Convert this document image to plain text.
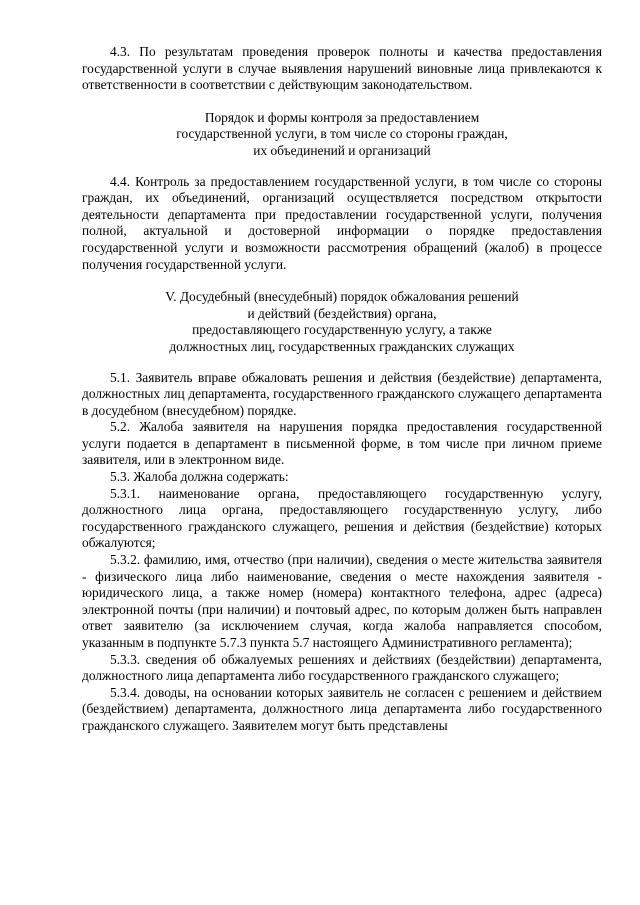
4.3. По результатам проведения проверок полноты и качества предоставления государственной услуги в случае выявления нарушений виновные лица привлекаются к ответственности в соответствии с действующим законодательством.

Порядок и формы контроля за предоставлением
государственной услуги, в том числе со стороны граждан,
их объединений и организаций

4.4. Контроль за предоставлением государственной услуги, в том числе со стороны граждан, их объединений, организаций осуществляется посредством открытости деятельности департамента при предоставлении государственной услуги, получения полной, актуальной и достоверной информации о порядке предоставления государственной услуги и возможности рассмотрения обращений (жалоб) в процессе получения государственной услуги.

V. Досудебный (внесудебный) порядок обжалования решений
и действий (бездействия) органа,
предоставляющего государственную услугу, а также
должностных лиц, государственных гражданских служащих

5.1. Заявитель вправе обжаловать решения и действия (бездействие) департамента, должностных лиц департамента, государственного гражданского служащего департамента в досудебном (внесудебном) порядке.

5.2. Жалоба заявителя на нарушения порядка предоставления государственной услуги подается в департамент в письменной форме, в том числе при личном приеме заявителя, или в электронном виде.

5.3. Жалоба должна содержать:

5.3.1. наименование органа, предоставляющего государственную услугу, должностного лица органа, предоставляющего государственную услугу, либо государственного гражданского служащего, решения и действия (бездействие) которых обжалуются;

5.3.2. фамилию, имя, отчество (при наличии), сведения о месте жительства заявителя - физического лица либо наименование, сведения о месте нахождения заявителя - юридического лица, а также номер (номера) контактного телефона, адрес (адреса) электронной почты (при наличии) и почтовый адрес, по которым должен быть направлен ответ заявителю (за исключением случая, когда жалоба направляется способом, указанным в подпункте 5.7.3 пункта 5.7 настоящего Административного регламента);

5.3.3. сведения об обжалуемых решениях и действиях (бездействии) департамента, должностного лица департамента либо государственного гражданского служащего;

5.3.4. доводы, на основании которых заявитель не согласен с решением и действием (бездействием) департамента, должностного лица департамента либо государственного гражданского служащего. Заявителем могут быть представлены
